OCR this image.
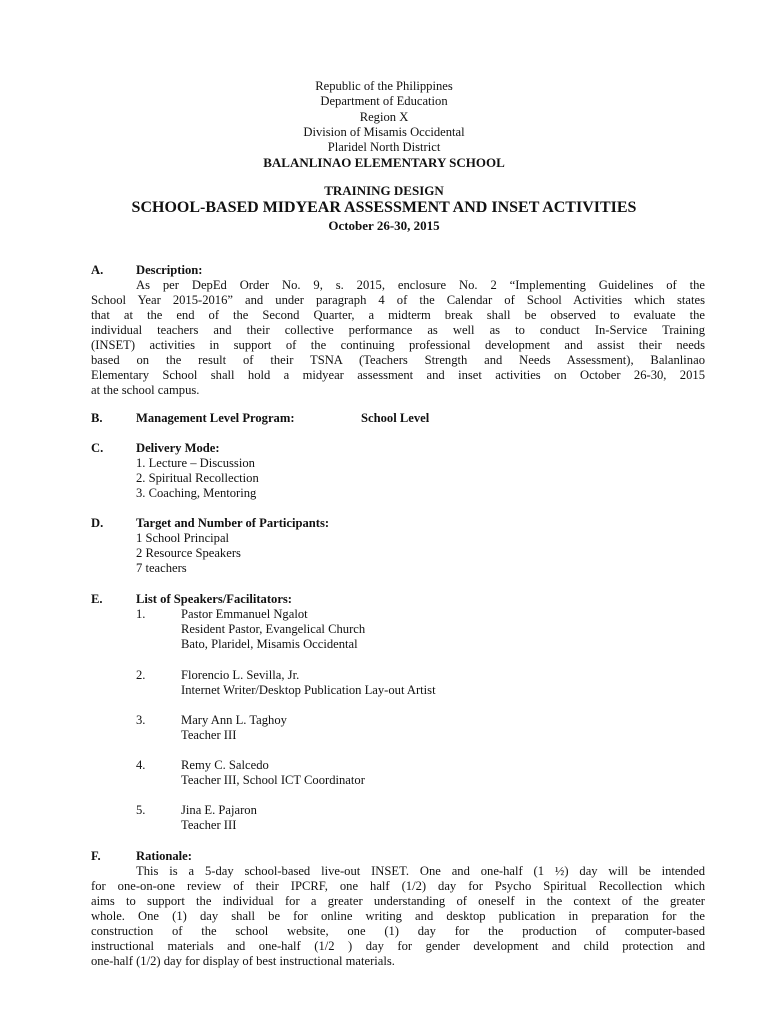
Republic of the Philippines
Department of Education
Region X
Division of Misamis Occidental
Plaridel North District
BALANLINAO ELEMENTARY SCHOOL
TRAINING DESIGN
SCHOOL-BASED MIDYEAR ASSESSMENT AND INSET ACTIVITIES
October 26-30, 2015
A.	Description:
As per DepEd Order No. 9, s. 2015, enclosure No. 2 “Implementing Guidelines of the
School Year 2015-2016” and under paragraph 4 of the Calendar of School Activities which states
that at the end of the Second Quarter, a midterm break shall be observed to evaluate the
individual teachers and their collective performance as well as to conduct In-Service Training
(INSET) activities in support of the continuing professional development and assist their needs
based on the result of their TSNA (Teachers Strength and Needs Assessment), Balanlinao
Elementary School shall hold a midyear assessment and inset activities on October 26-30, 2015
at the school campus.
B.	Management Level Program:	School Level
C.	Delivery Mode:
1. Lecture – Discussion
2. Spiritual Recollection
3. Coaching, Mentoring
D.	Target and Number of Participants:
1 School Principal
2 Resource Speakers
7 teachers
E.	List of Speakers/Facilitators:
1.	Pastor Emmanuel Ngalot
Resident Pastor, Evangelical Church
Bato, Plaridel, Misamis Occidental
2.	Florencio L. Sevilla, Jr.
Internet Writer/Desktop Publication Lay-out Artist
3.	Mary Ann L. Taghoy
Teacher III
4.	Remy C. Salcedo
Teacher III, School ICT Coordinator
5.	Jina E. Pajaron
Teacher III
F.	Rationale:
This is a 5-day school-based live-out INSET. One and one-half (1 ½) day will be intended
for one-on-one review of their IPCRF, one half (1/2) day for Psycho Spiritual Recollection which
aims to support the individual for a greater understanding of oneself in the context of the greater
whole. One (1) day shall be for online writing and desktop publication in preparation for the
construction of the school website, one (1) day for the production of computer-based
instructional materials and one-half (1/2 ) day for gender development and child protection and
one-half (1/2) day for display of best instructional materials.
